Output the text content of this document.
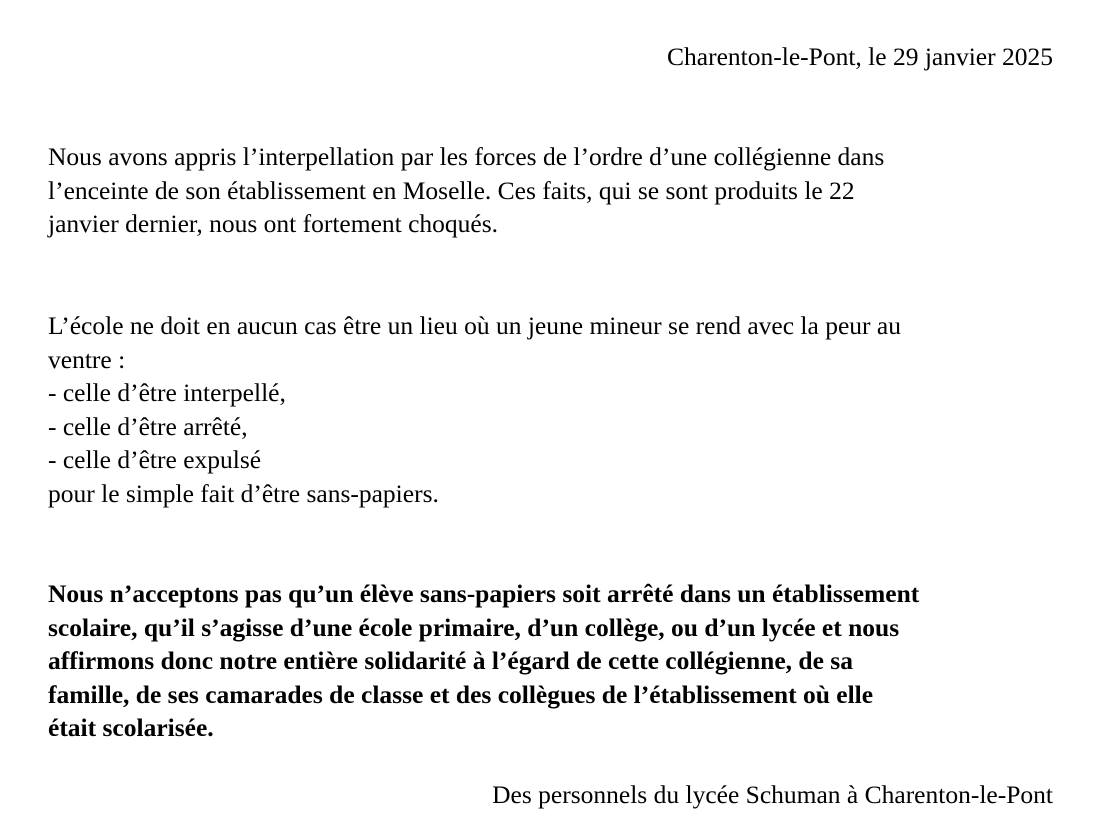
Charenton-le-Pont, le 29 janvier 2025

Nous avons appris l’interpellation par les forces de l’ordre d’une collégienne dans
l’enceinte de son établissement en Moselle. Ces faits, qui se sont produits le 22
janvier dernier, nous ont fortement choqués.

L’école ne doit en aucun cas être un lieu où un jeune mineur se rend avec la peur au
ventre :
- celle d’être interpellé,
- celle d’être arrêté,
- celle d’être expulsé
pour le simple fait d’être sans-papiers.

Nous n’acceptons pas qu’un élève sans-papiers soit arrêté dans un établissement
scolaire, qu’il s’agisse d’une école primaire, d’un collège, ou d’un lycée et nous
affirmons donc notre entière solidarité à l’égard de cette collégienne, de sa
famille, de ses camarades de classe et des collègues de l’établissement où elle
était scolarisée.

Des personnels du lycée Schuman à Charenton-le-Pont
